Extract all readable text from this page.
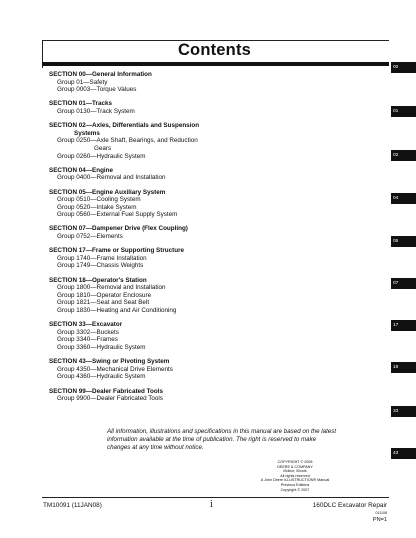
Contents
SECTION 00—General Information
Group 01—Safety
Group 0003—Torque Values
SECTION 01—Tracks
Group 0130—Track System
SECTION 02—Axles, Differentials and Suspension
Systems
Group 0250—Axle Shaft, Bearings, and Reduction
Gears
Group 0260—Hydraulic System
SECTION 04—Engine
Group 0400—Removal and Installation
SECTION 05—Engine Auxiliary System
Group 0510—Cooling System
Group 0520—Intake System
Group 0560—External Fuel Supply System
SECTION 07—Dampener Drive (Flex Coupling)
Group 0752—Elements
SECTION 17—Frame or Supporting Structure
Group 1740—Frame Installation
Group 1749—Chassis Weights
SECTION 18—Operator's Station
Group 1800—Removal and Installation
Group 1810—Operator Enclosure
Group 1821—Seat and Seat Belt
Group 1830—Heating and Air Conditioning
SECTION 33—Excavator
Group 3302—Buckets
Group 3340—Frames
Group 3360—Hydraulic System
SECTION 43—Swing or Pivoting System
Group 4350—Mechanical Drive Elements
Group 4360—Hydraulic System
SECTION 99—Dealer Fabricated Tools
Group 9900—Dealer Fabricated Tools
00
01
02
04
05
07
17
18
33
43
All information, illustrations and specifications in this manual are based on the latest information available at the time of publication. The right is reserved to make changes at any time without notice.
COPYRIGHT © 2008
DEERE & COMPANY
Moline, Illinois
All rights reserved
A John Deere ILLUSTRUCTION® Manual
Previous Editions
Copyright © 2007
TM10091 (11JAN08)	i	160DLC Excavator Repair
011108
PN=1
